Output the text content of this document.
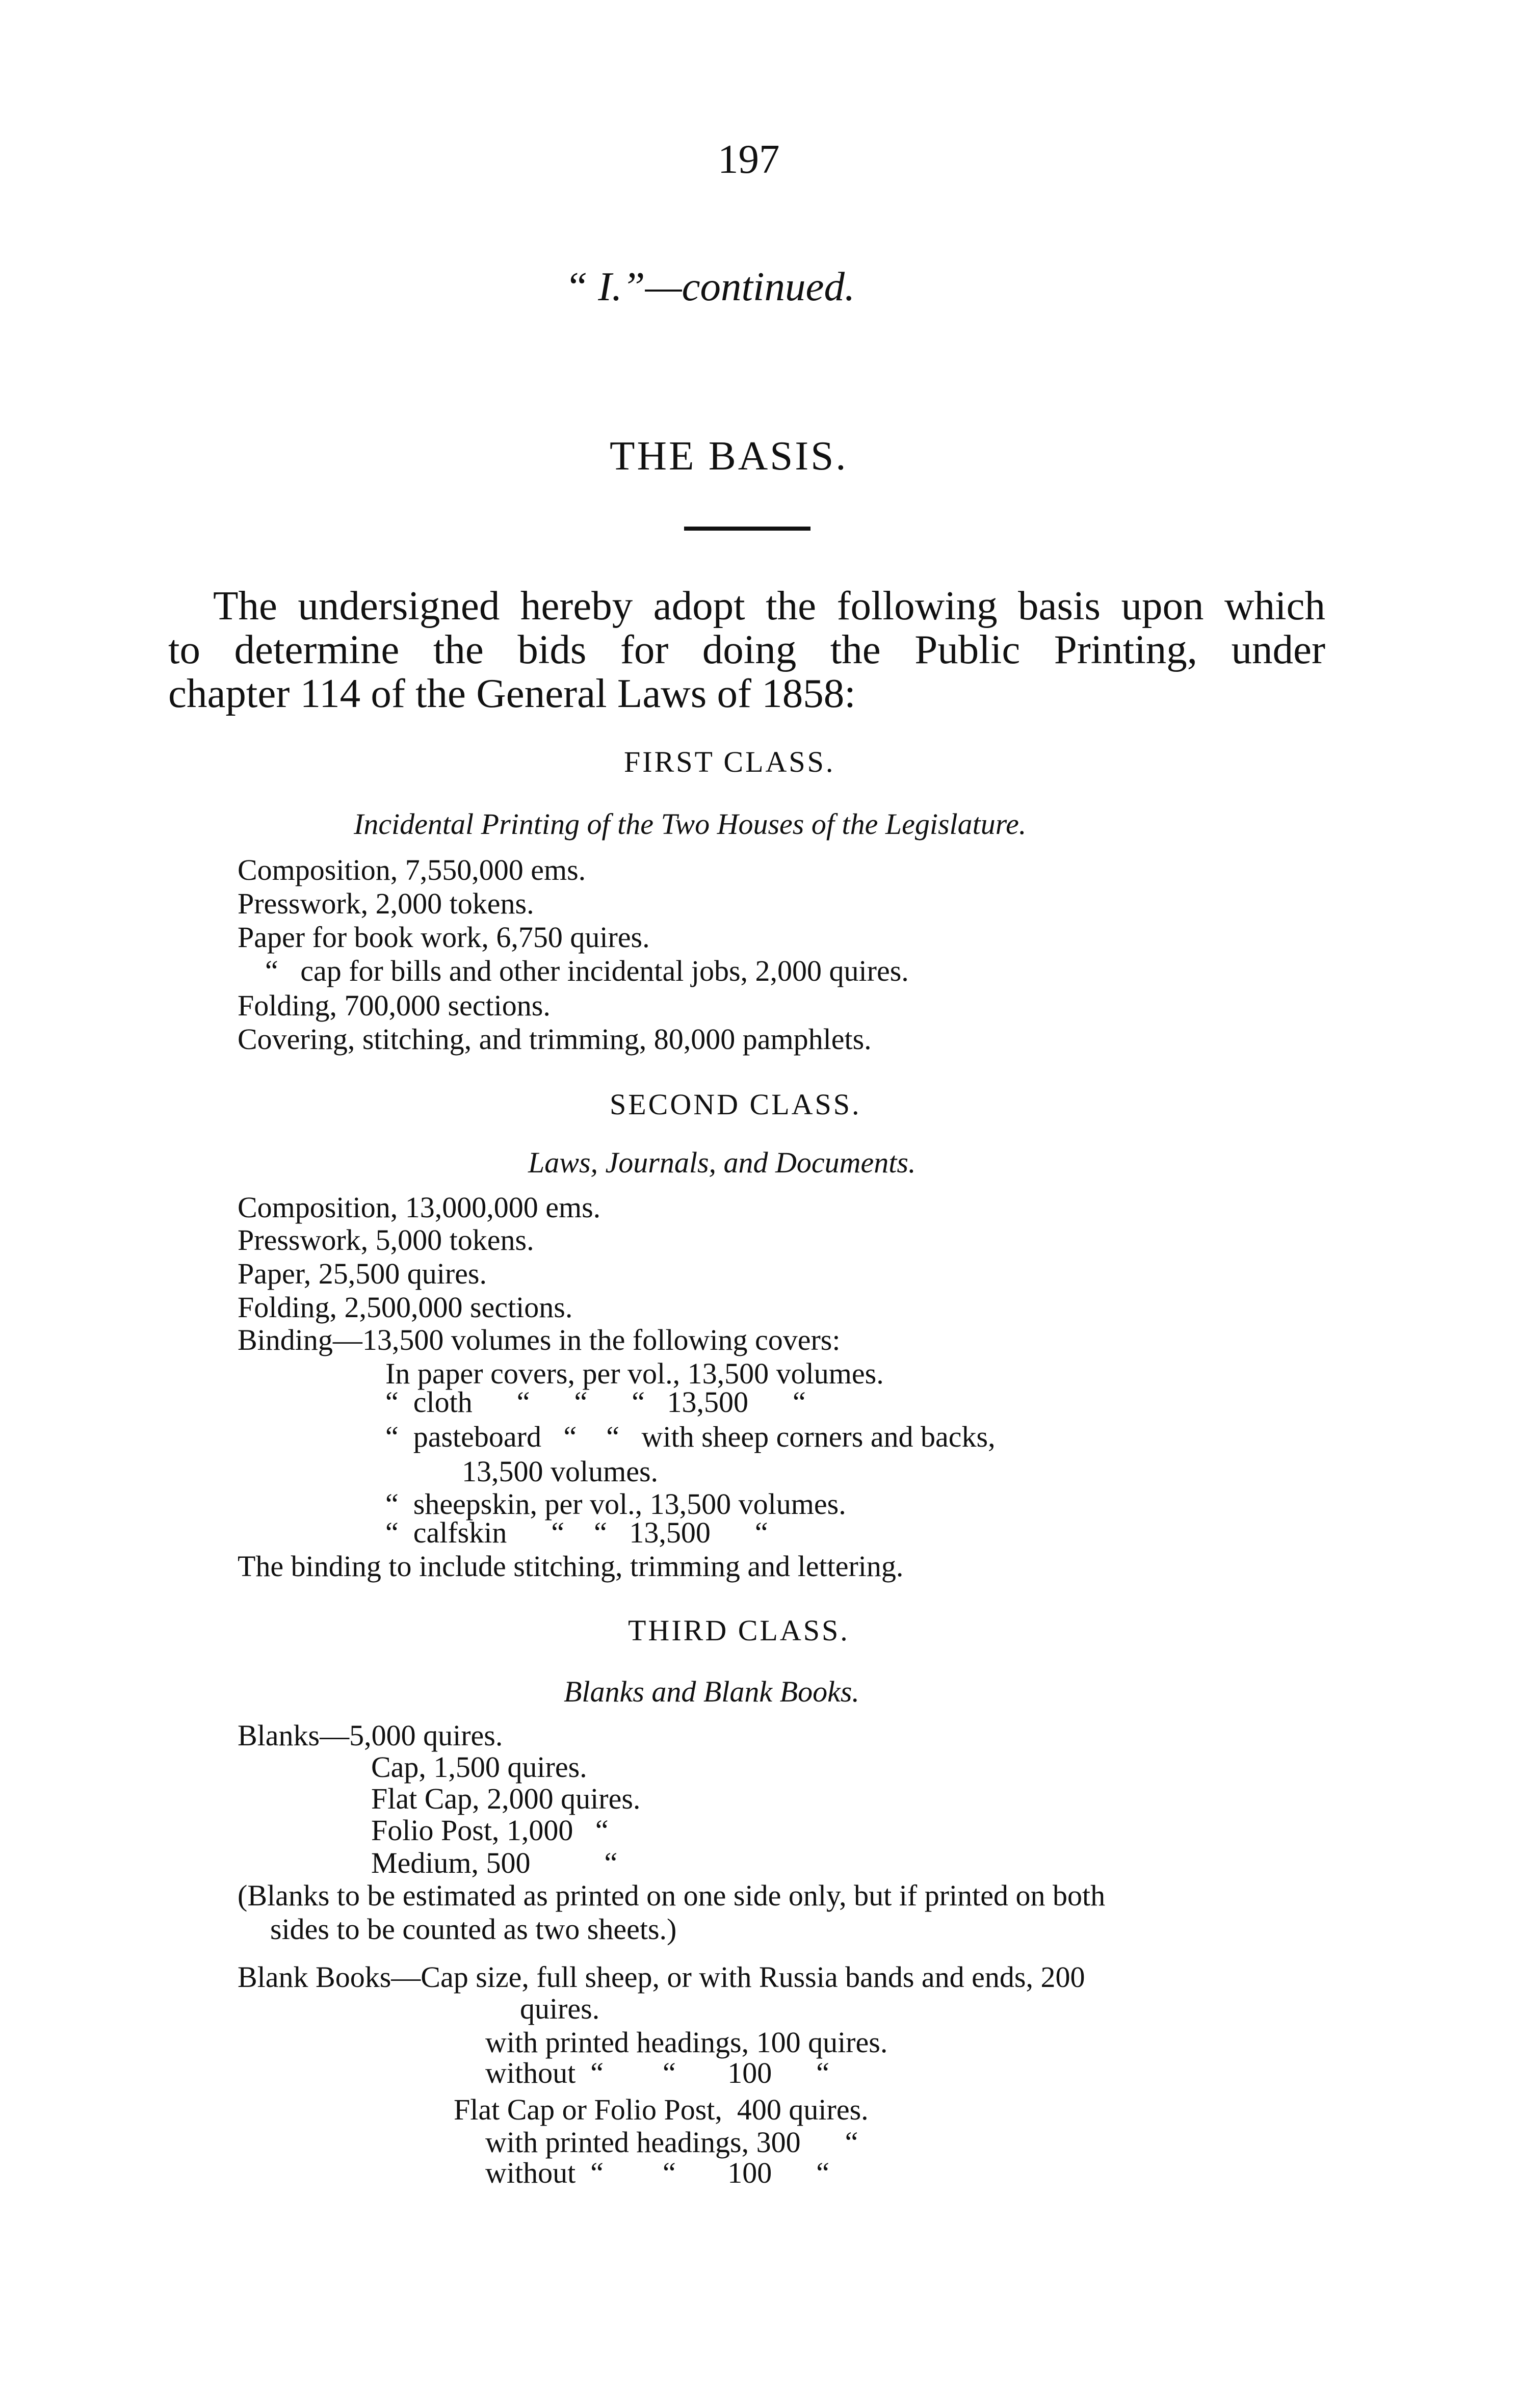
197
“ I.”—continued.
THE BASIS.
The undersigned hereby adopt the following basis upon which
to determine the bids for doing the Public Printing, under
chapter 114 of the General Laws of 1858:
FIRST CLASS.
Incidental Printing of the Two Houses of the Legislature.
Composition, 7,550,000 ems.
Presswork, 2,000 tokens.
Paper for book work, 6,750 quires.
“   cap for bills and other incidental jobs, 2,000 quires.
Folding, 700,000 sections.
Covering, stitching, and trimming, 80,000 pamphlets.
SECOND CLASS.
Laws, Journals, and Documents.
Composition, 13,000,000 ems.
Presswork, 5,000 tokens.
Paper, 25,500 quires.
Folding, 2,500,000 sections.
Binding—13,500 volumes in the following covers:
In paper covers, per vol., 13,500 volumes.
“  cloth      “      “      “   13,500      “
“  pasteboard   “    “   with sheep corners and backs,
13,500 volumes.
“  sheepskin, per vol., 13,500 volumes.
“  calfskin      “    “   13,500      “
The binding to include stitching, trimming and lettering.
THIRD CLASS.
Blanks and Blank Books.
Blanks—5,000 quires.
Cap, 1,500 quires.
Flat Cap, 2,000 quires.
Folio Post, 1,000   “
Medium, 500          “
(Blanks to be estimated as printed on one side only, but if printed on both
sides to be counted as two sheets.)
Blank Books—Cap size, full sheep, or with Russia bands and ends, 200
quires.
with printed headings, 100 quires.
without  “        “       100      “
Flat Cap or Folio Post,  400 quires.
with printed headings, 300      “
without  “        “       100      “
